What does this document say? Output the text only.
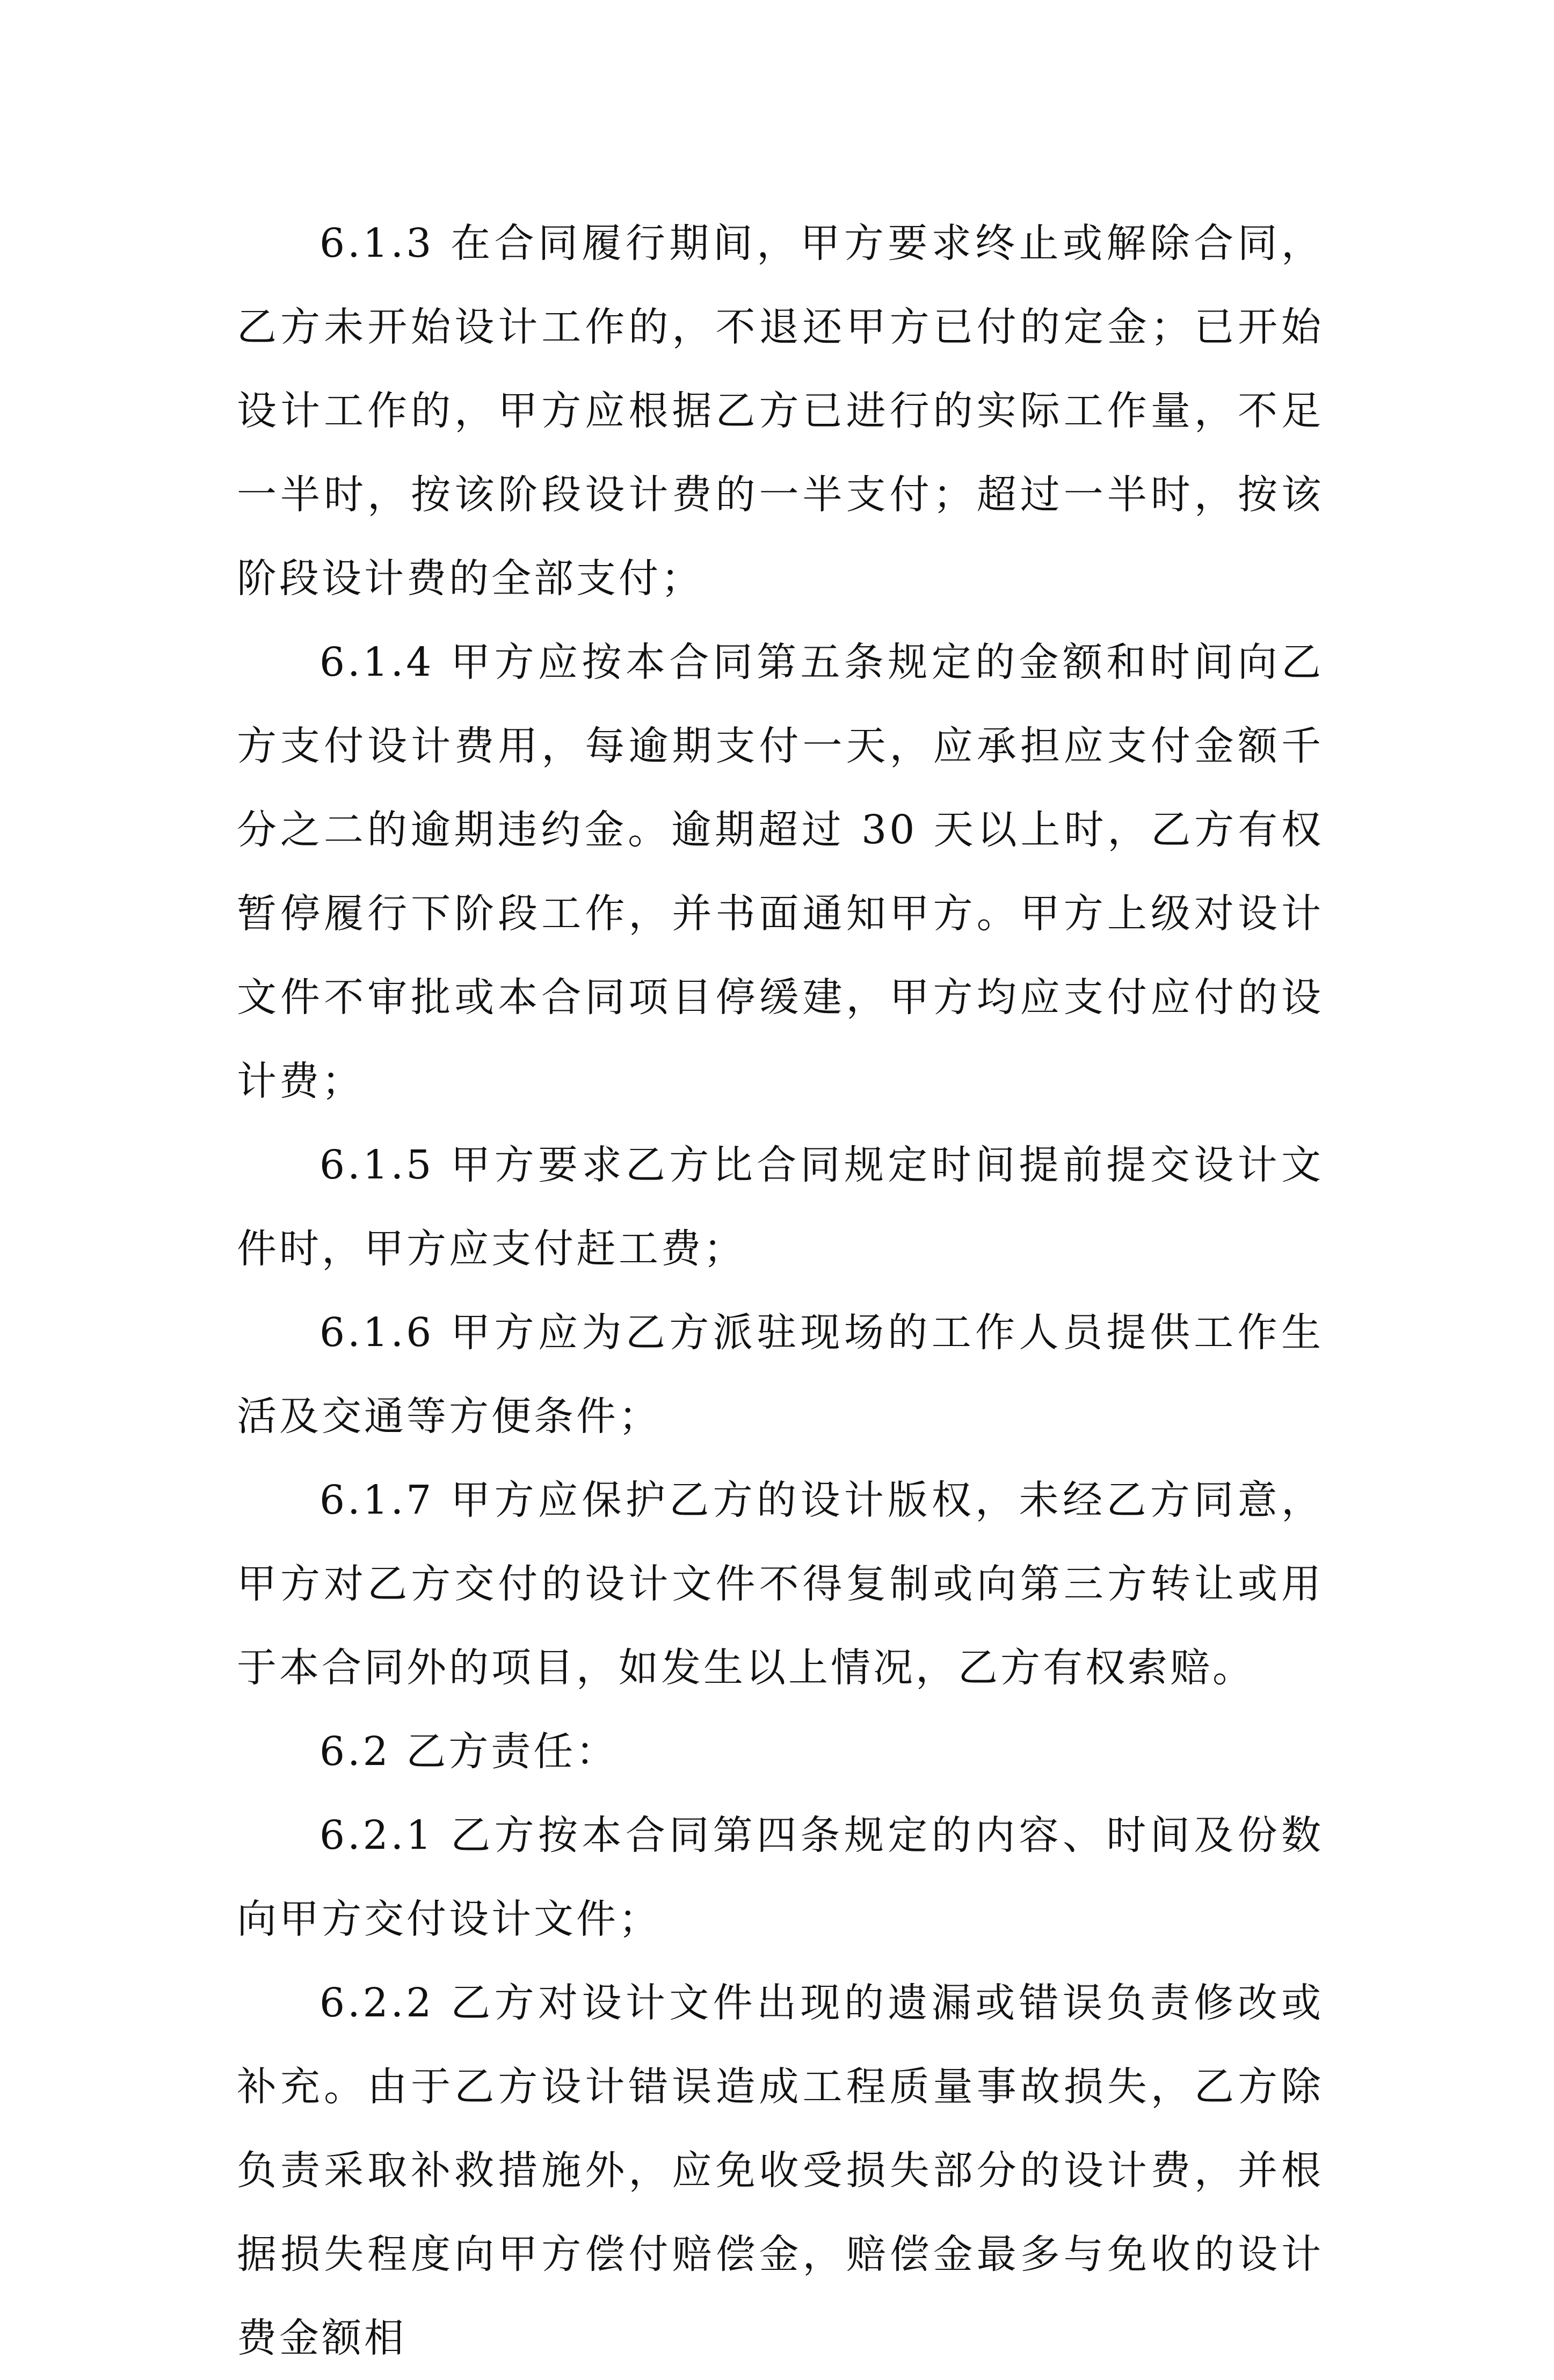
6.1.3 在合同履行期间，甲方要求终止或解除合同，乙方未开始设计工作的，不退还甲方已付的定金；已开始设计工作的，甲方应根据乙方已进行的实际工作量，不足一半时，按该阶段设计费的一半支付；超过一半时，按该阶段设计费的全部支付；

6.1.4 甲方应按本合同第五条规定的金额和时间向乙方支付设计费用，每逾期支付一天，应承担应支付金额千分之二的逾期违约金。逾期超过 30 天以上时，乙方有权暂停履行下阶段工作，并书面通知甲方。甲方上级对设计文件不审批或本合同项目停缓建，甲方均应支付应付的设计费；

6.1.5 甲方要求乙方比合同规定时间提前提交设计文件时，甲方应支付赶工费；

6.1.6 甲方应为乙方派驻现场的工作人员提供工作生活及交通等方便条件；

6.1.7 甲方应保护乙方的设计版权，未经乙方同意，甲方对乙方交付的设计文件不得复制或向第三方转让或用于本合同外的项目，如发生以上情况，乙方有权索赔。

6.2 乙方责任：

6.2.1 乙方按本合同第四条规定的内容、时间及份数向甲方交付设计文件；

6.2.2 乙方对设计文件出现的遗漏或错误负责修改或补充。由于乙方设计错误造成工程质量事故损失，乙方除负责采取补救措施外，应免收受损失部分的设计费，并根据损失程度向甲方偿付赔偿金，赔偿金最多与免收的设计费金额相
